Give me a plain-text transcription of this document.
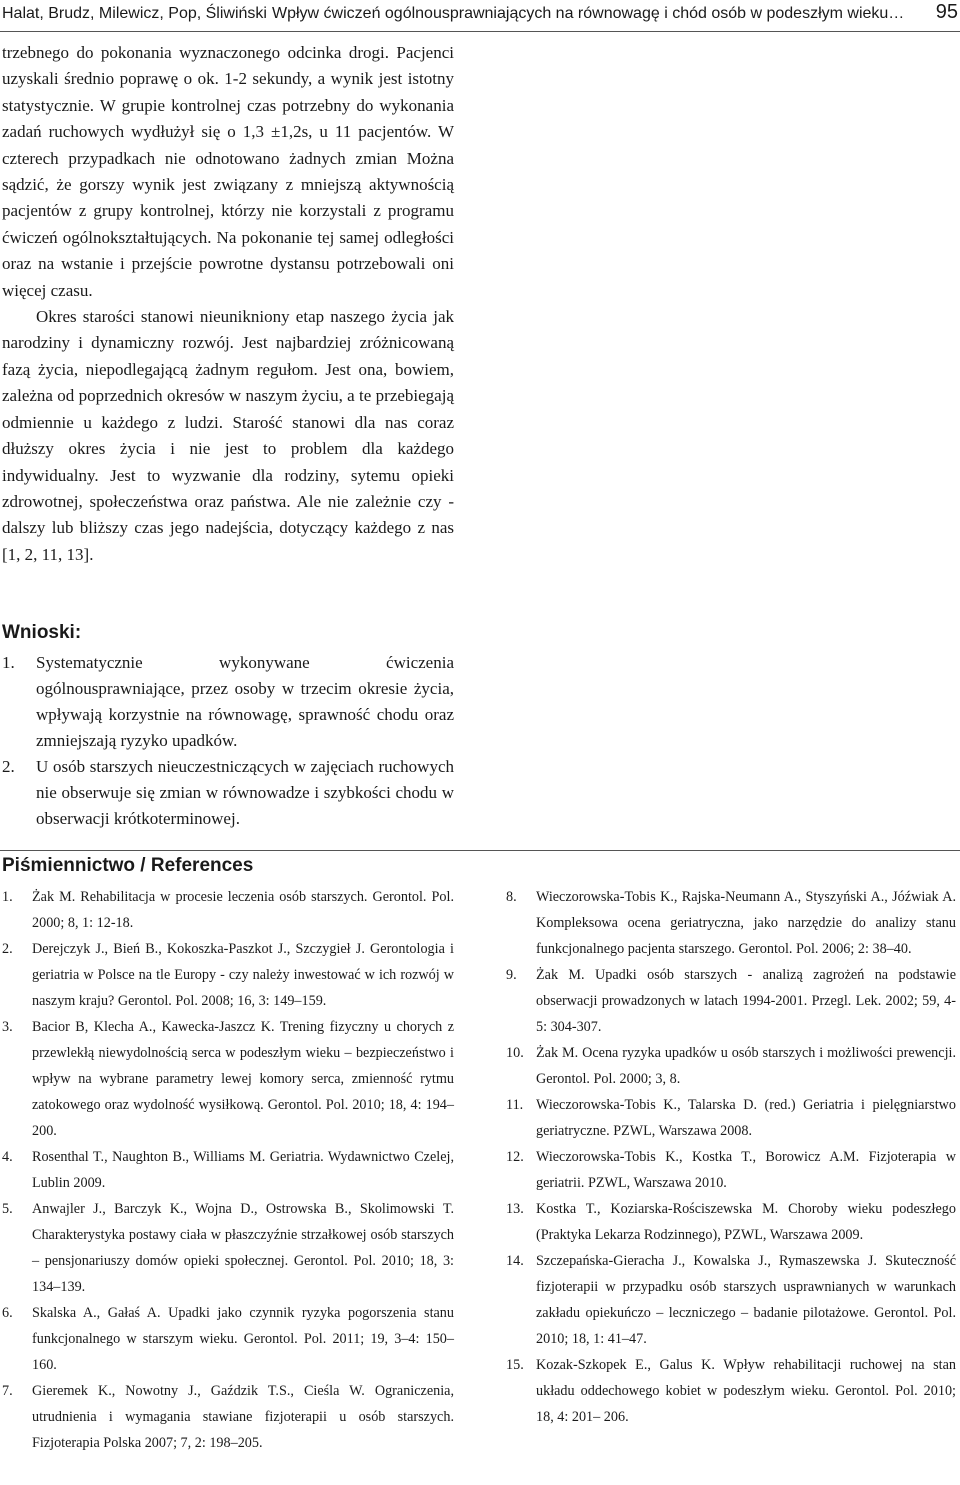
Halat, Brudz, Milewicz, Pop, Śliwiński Wpływ ćwiczeń ogólnousprawniających na równowagę i chód osób w podeszłym wieku… 95

trzebnego do pokonania wyznaczonego odcinka drogi. Pacjenci uzyskali średnio poprawę o ok. 1-2 sekundy, a wynik jest istotny statystycznie. W grupie kontrolnej czas potrzebny do wykonania zadań ruchowych wydłużył się o 1,3 ±1,2s, u 11 pacjentów. W czterech przypadkach nie odnotowano żadnych zmian Można sądzić, że gorszy wynik jest związany z mniejszą aktywnością pacjentów z grupy kontrolnej, którzy nie korzystali z programu ćwiczeń ogólnokształtujących. Na pokonanie tej samej odległości oraz na wstanie i przejście powrotne dystansu potrzebowali oni więcej czasu.

Okres starości stanowi nieunikniony etap naszego życia jak narodziny i dynamiczny rozwój. Jest najbardziej zróżnicowaną fazą życia, niepodlegającą żadnym regułom. Jest ona, bowiem, zależna od poprzednich okresów w naszym życiu, a te przebiegają odmiennie u każdego z ludzi. Starość stanowi dla nas coraz dłuższy okres życia i nie jest to problem dla każdego indywidualny. Jest to wyzwanie dla rodziny, sytemu opieki zdrowotnej, społeczeństwa oraz państwa. Ale nie zależnie czy - dalszy lub bliższy czas jego nadejścia, dotyczący każdego z nas [1, 2, 11, 13].

Wnioski:
1. Systematycznie wykonywane ćwiczenia ogólnousprawniające, przez osoby w trzecim okresie życia, wpływają korzystnie na równowagę, sprawność chodu oraz zmniejszają ryzyko upadków.
2. U osób starszych nieuczestniczących w zajęciach ruchowych nie obserwuje się zmian w równowadze i szybkości chodu w obserwacji krótkoterminowej.
Piśmiennictwo / References
1. Żak M. Rehabilitacja w procesie leczenia osób starszych. Gerontol. Pol. 2000; 8, 1: 12-18.
2. Derejczyk J., Bień B., Kokoszka-Paszkot J., Szczygieł J. Gerontologia i geriatria w Polsce na tle Europy - czy należy inwestować w ich rozwój w naszym kraju? Gerontol. Pol. 2008; 16, 3: 149–159.
3. Bacior B, Klecha A., Kawecka-Jaszcz K. Trening fizyczny u chorych z przewlekłą niewydolnością serca w podeszłym wieku – bezpieczeństwo i wpływ na wybrane parametry lewej komory serca, zmienność rytmu zatokowego oraz wydolność wysiłkową. Gerontol. Pol. 2010; 18, 4: 194–200.
4. Rosenthal T., Naughton B., Williams M. Geriatria. Wydawnictwo Czelej, Lublin 2009.
5. Anwajler J., Barczyk K., Wojna D., Ostrowska B., Skolimowski T. Charakterystyka postawy ciała w płaszczyźnie strzałkowej osób starszych – pensjonariuszy domów opieki społecznej. Gerontol. Pol. 2010; 18, 3: 134–139.
6. Skalska A., Gałaś A. Upadki jako czynnik ryzyka pogorszenia stanu funkcjonalnego w starszym wieku. Gerontol. Pol. 2011; 19, 3–4: 150–160.
7. Gieremek K., Nowotny J., Gaździk T.S., Cieśla W. Ograniczenia, utrudnienia i wymagania stawiane fizjoterapii u osób starszych. Fizjoterapia Polska 2007; 7, 2: 198–205.
8. Wieczorowska-Tobis K., Rajska-Neumann A., Styszyński A., Jóźwiak A. Kompleksowa ocena geriatryczna, jako narzędzie do analizy stanu funkcjonalnego pacjenta starszego. Gerontol. Pol. 2006; 2: 38–40.
9. Żak M. Upadki osób starszych - analizą zagrożeń na podstawie obserwacji prowadzonych w latach 1994-2001. Przegl. Lek. 2002; 59, 4-5: 304-307.
10. Żak M. Ocena ryzyka upadków u osób starszych i możliwości prewencji. Gerontol. Pol. 2000; 3, 8.
11. Wieczorowska-Tobis K., Talarska D. (red.) Geriatria i pielęgniarstwo geriatryczne. PZWL, Warszawa 2008.
12. Wieczorowska-Tobis K., Kostka T., Borowicz A.M. Fizjoterapia w geriatrii. PZWL, Warszawa 2010.
13. Kostka T., Koziarska-Rościszewska M. Choroby wieku podeszłego (Praktyka Lekarza Rodzinnego), PZWL, Warszawa 2009.
14. Szczepańska-Gieracha J., Kowalska J., Rymaszewska J. Skuteczność fizjoterapii w przypadku osób starszych usprawnianych w warunkach zakładu opiekuńczo – leczniczego – badanie pilotażowe. Gerontol. Pol. 2010; 18, 1: 41–47.
15. Kozak-Szkopek E., Galus K. Wpływ rehabilitacji ruchowej na stan układu oddechowego kobiet w podeszłym wieku. Gerontol. Pol. 2010; 18, 4: 201– 206.
